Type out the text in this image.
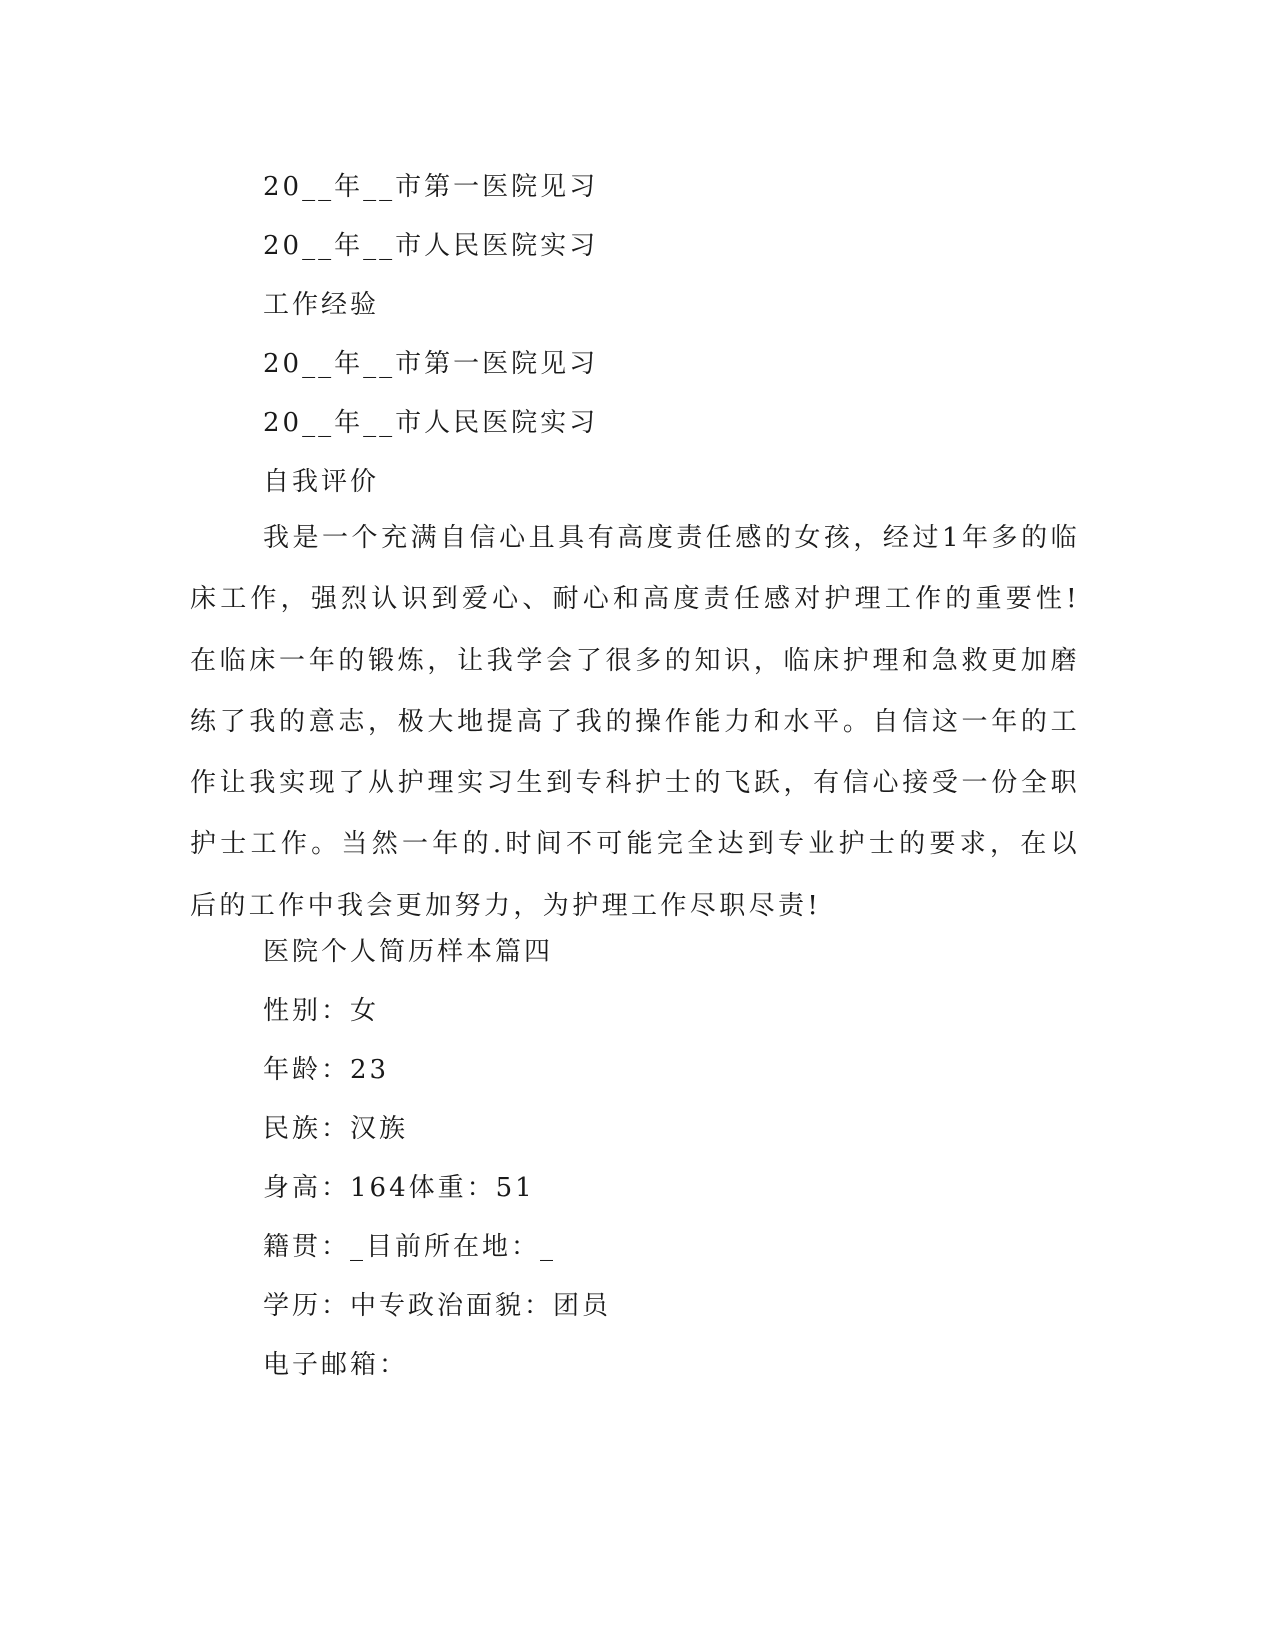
20__年__市第一医院见习
20__年__市人民医院实习
工作经验
20__年__市第一医院见习
20__年__市人民医院实习
自我评价
我是一个充满自信心且具有高度责任感的女孩，经过1年多的临床工作，强烈认识到爱心、耐心和高度责任感对护理工作的重要性!在临床一年的锻炼，让我学会了很多的知识，临床护理和急救更加磨练了我的意志，极大地提高了我的操作能力和水平。自信这一年的工作让我实现了从护理实习生到专科护士的飞跃，有信心接受一份全职护士工作。当然一年的.时间不可能完全达到专业护士的要求，在以后的工作中我会更加努力，为护理工作尽职尽责!
医院个人简历样本篇四
性别：女
年龄：23
民族：汉族
身高：164体重：51
籍贯：_目前所在地：_
学历：中专政治面貌：团员
电子邮箱：
